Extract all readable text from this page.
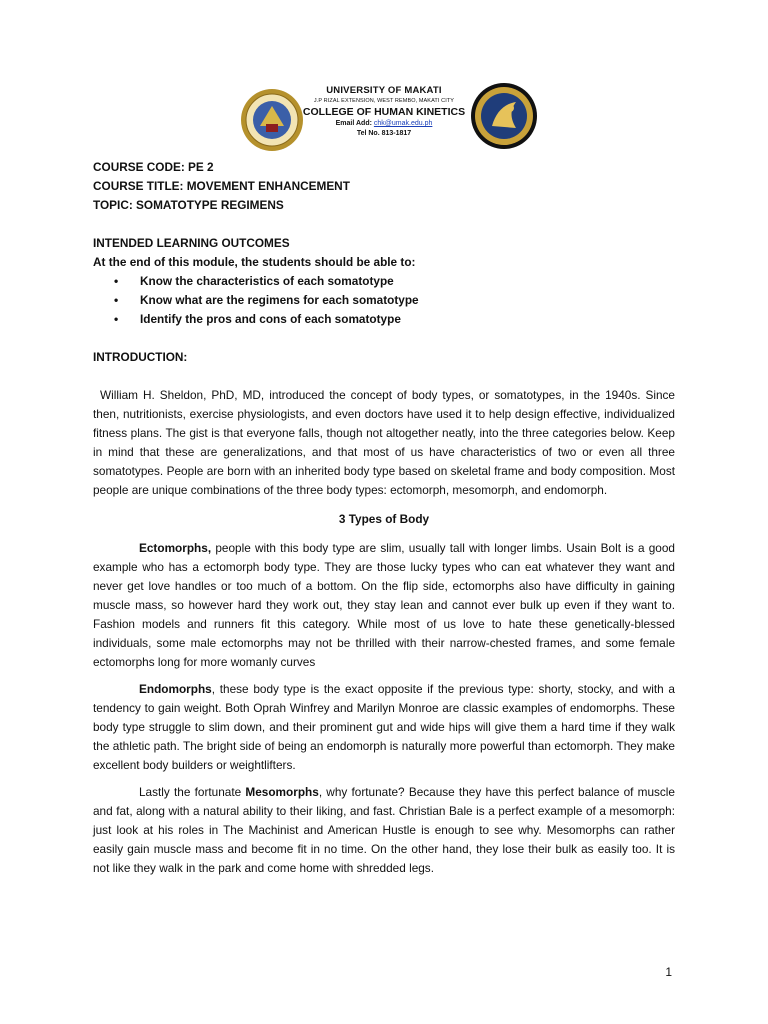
UNIVERSITY OF MAKATI
J.P RIZAL EXTENSION, WEST REMBO, MAKATI CITY
COLLEGE OF HUMAN KINETICS
Email Add: chk@umak.edu.ph
Tel No. 813-1817

COURSE CODE: PE 2

COURSE TITLE: MOVEMENT ENHANCEMENT

TOPIC: SOMATOTYPE REGIMENS

INTENDED LEARNING OUTCOMES

At the end of this module, the students should be able to:

• Know the characteristics of each somatotype
• Know what are the regimens for each somatotype
• Identify the pros and cons of each somatotype

INTRODUCTION:

William H. Sheldon, PhD, MD, introduced the concept of body types, or somatotypes, in the 1940s. Since then, nutritionists, exercise physiologists, and even doctors have used it to help design effective, individualized fitness plans. The gist is that everyone falls, though not altogether neatly, into the three categories below. Keep in mind that these are generalizations, and that most of us have characteristics of two or even all three somatotypes. People are born with an inherited body type based on skeletal frame and body composition. Most people are unique combinations of the three body types: ectomorph, mesomorph, and endomorph.

3 Types of Body

Ectomorphs, people with this body type are slim, usually tall with longer limbs. Usain Bolt is a good example who has a ectomorph body type. They are those lucky types who can eat whatever they want and never get love handles or too much of a bottom. On the flip side, ectomorphs also have difficulty in gaining muscle mass, so however hard they work out, they stay lean and cannot ever bulk up even if they want to. Fashion models and runners fit this category. While most of us love to hate these genetically-blessed individuals, some male ectomorphs may not be thrilled with their narrow-chested frames, and some female ectomorphs long for more womanly curves

Endomorphs, these body type is the exact opposite if the previous type: shorty, stocky, and with a tendency to gain weight. Both Oprah Winfrey and Marilyn Monroe are classic examples of endomorphs. These body type struggle to slim down, and their prominent gut and wide hips will give them a hard time if they walk the athletic path. The bright side of being an endomorph is naturally more powerful than ectomorph. They make excellent body builders or weightlifters.

Lastly the fortunate Mesomorphs, why fortunate? Because they have this perfect balance of muscle and fat, along with a natural ability to their liking, and fast. Christian Bale is a perfect example of a mesomorph: just look at his roles in The Machinist and American Hustle is enough to see why. Mesomorphs can rather easily gain muscle mass and become fit in no time. On the other hand, they lose their bulk as easily too. It is not like they walk in the park and come home with shredded legs.

1
